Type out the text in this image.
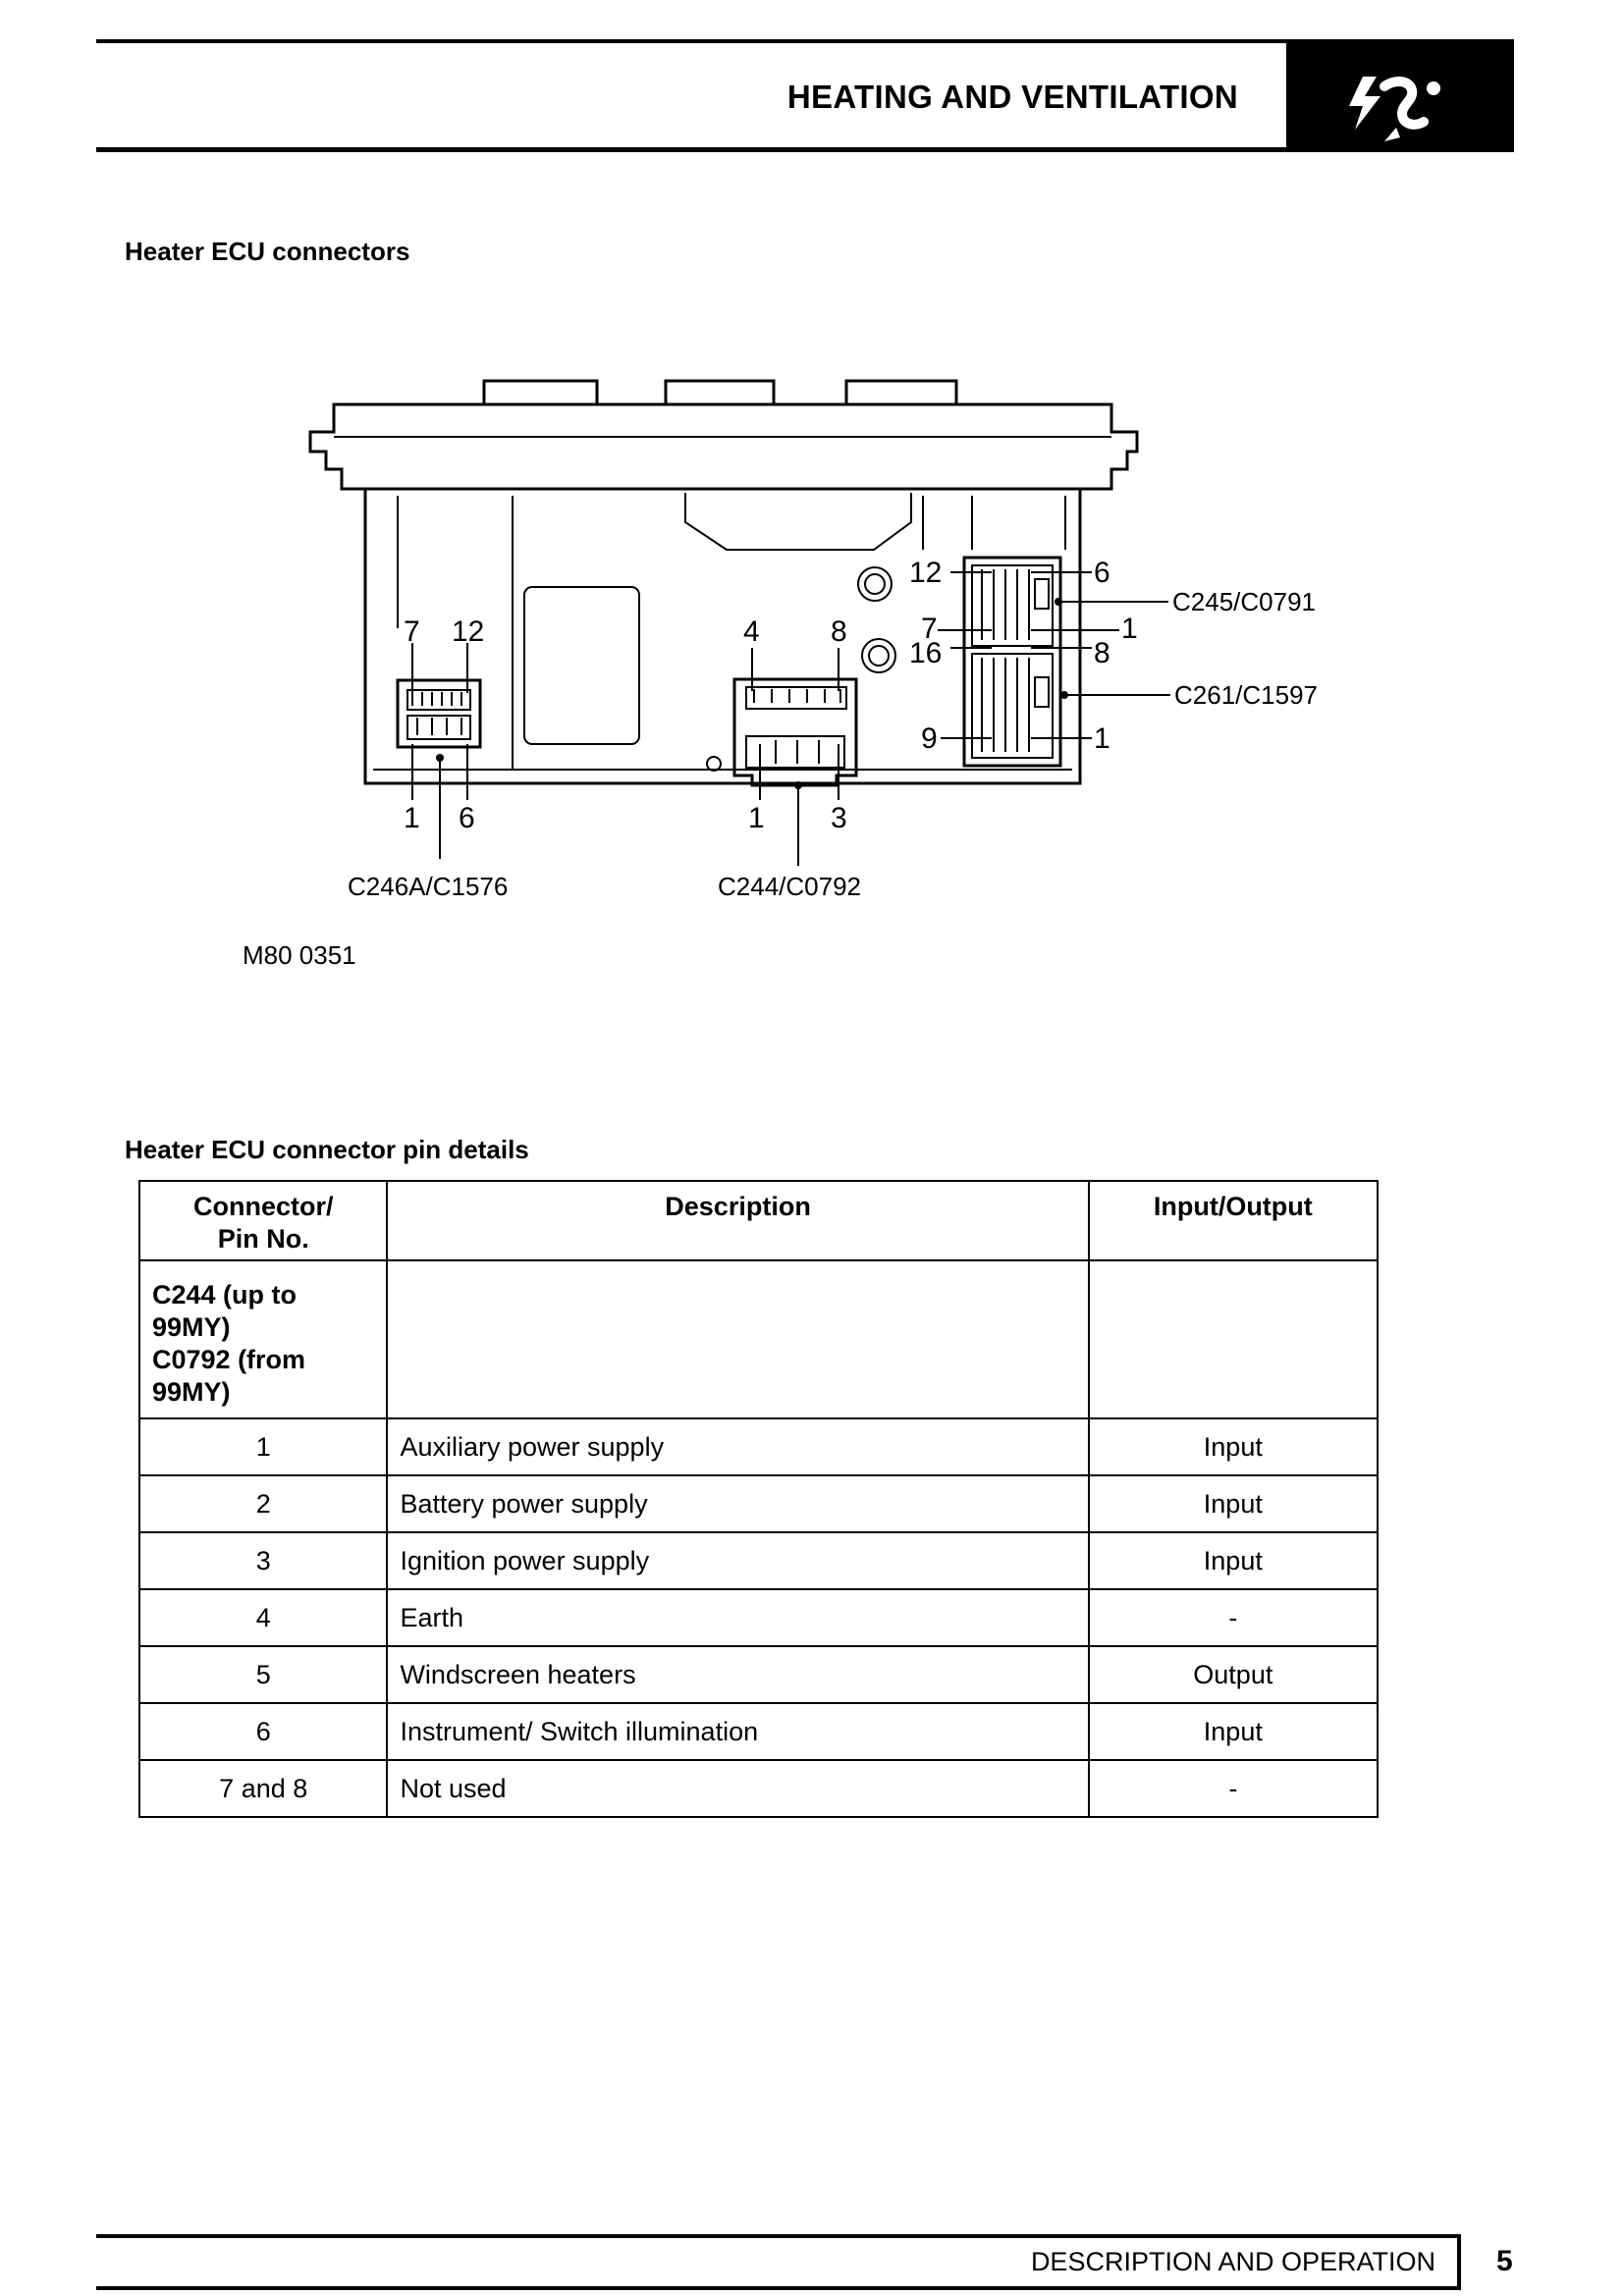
HEATING AND VENTILATION
Heater ECU connectors
7 12
1 6
4 8
1 3
12
7
6
1
16
9
8
1
C245/C0791
C261/C1597
C246A/C1576	C244/C0792
M80 0351
Heater ECU connector pin details
Connector/
Pin No.	Description	Input/Output
C244 (up to
99MY)
C0792 (from
99MY)		
1	Auxiliary power supply	Input
2	Battery power supply	Input
3	Ignition power supply	Input
4	Earth	-
5	Windscreen heaters	Output
6	Instrument/ Switch illumination	Input
7 and 8	Not used	-
DESCRIPTION AND OPERATION 5
